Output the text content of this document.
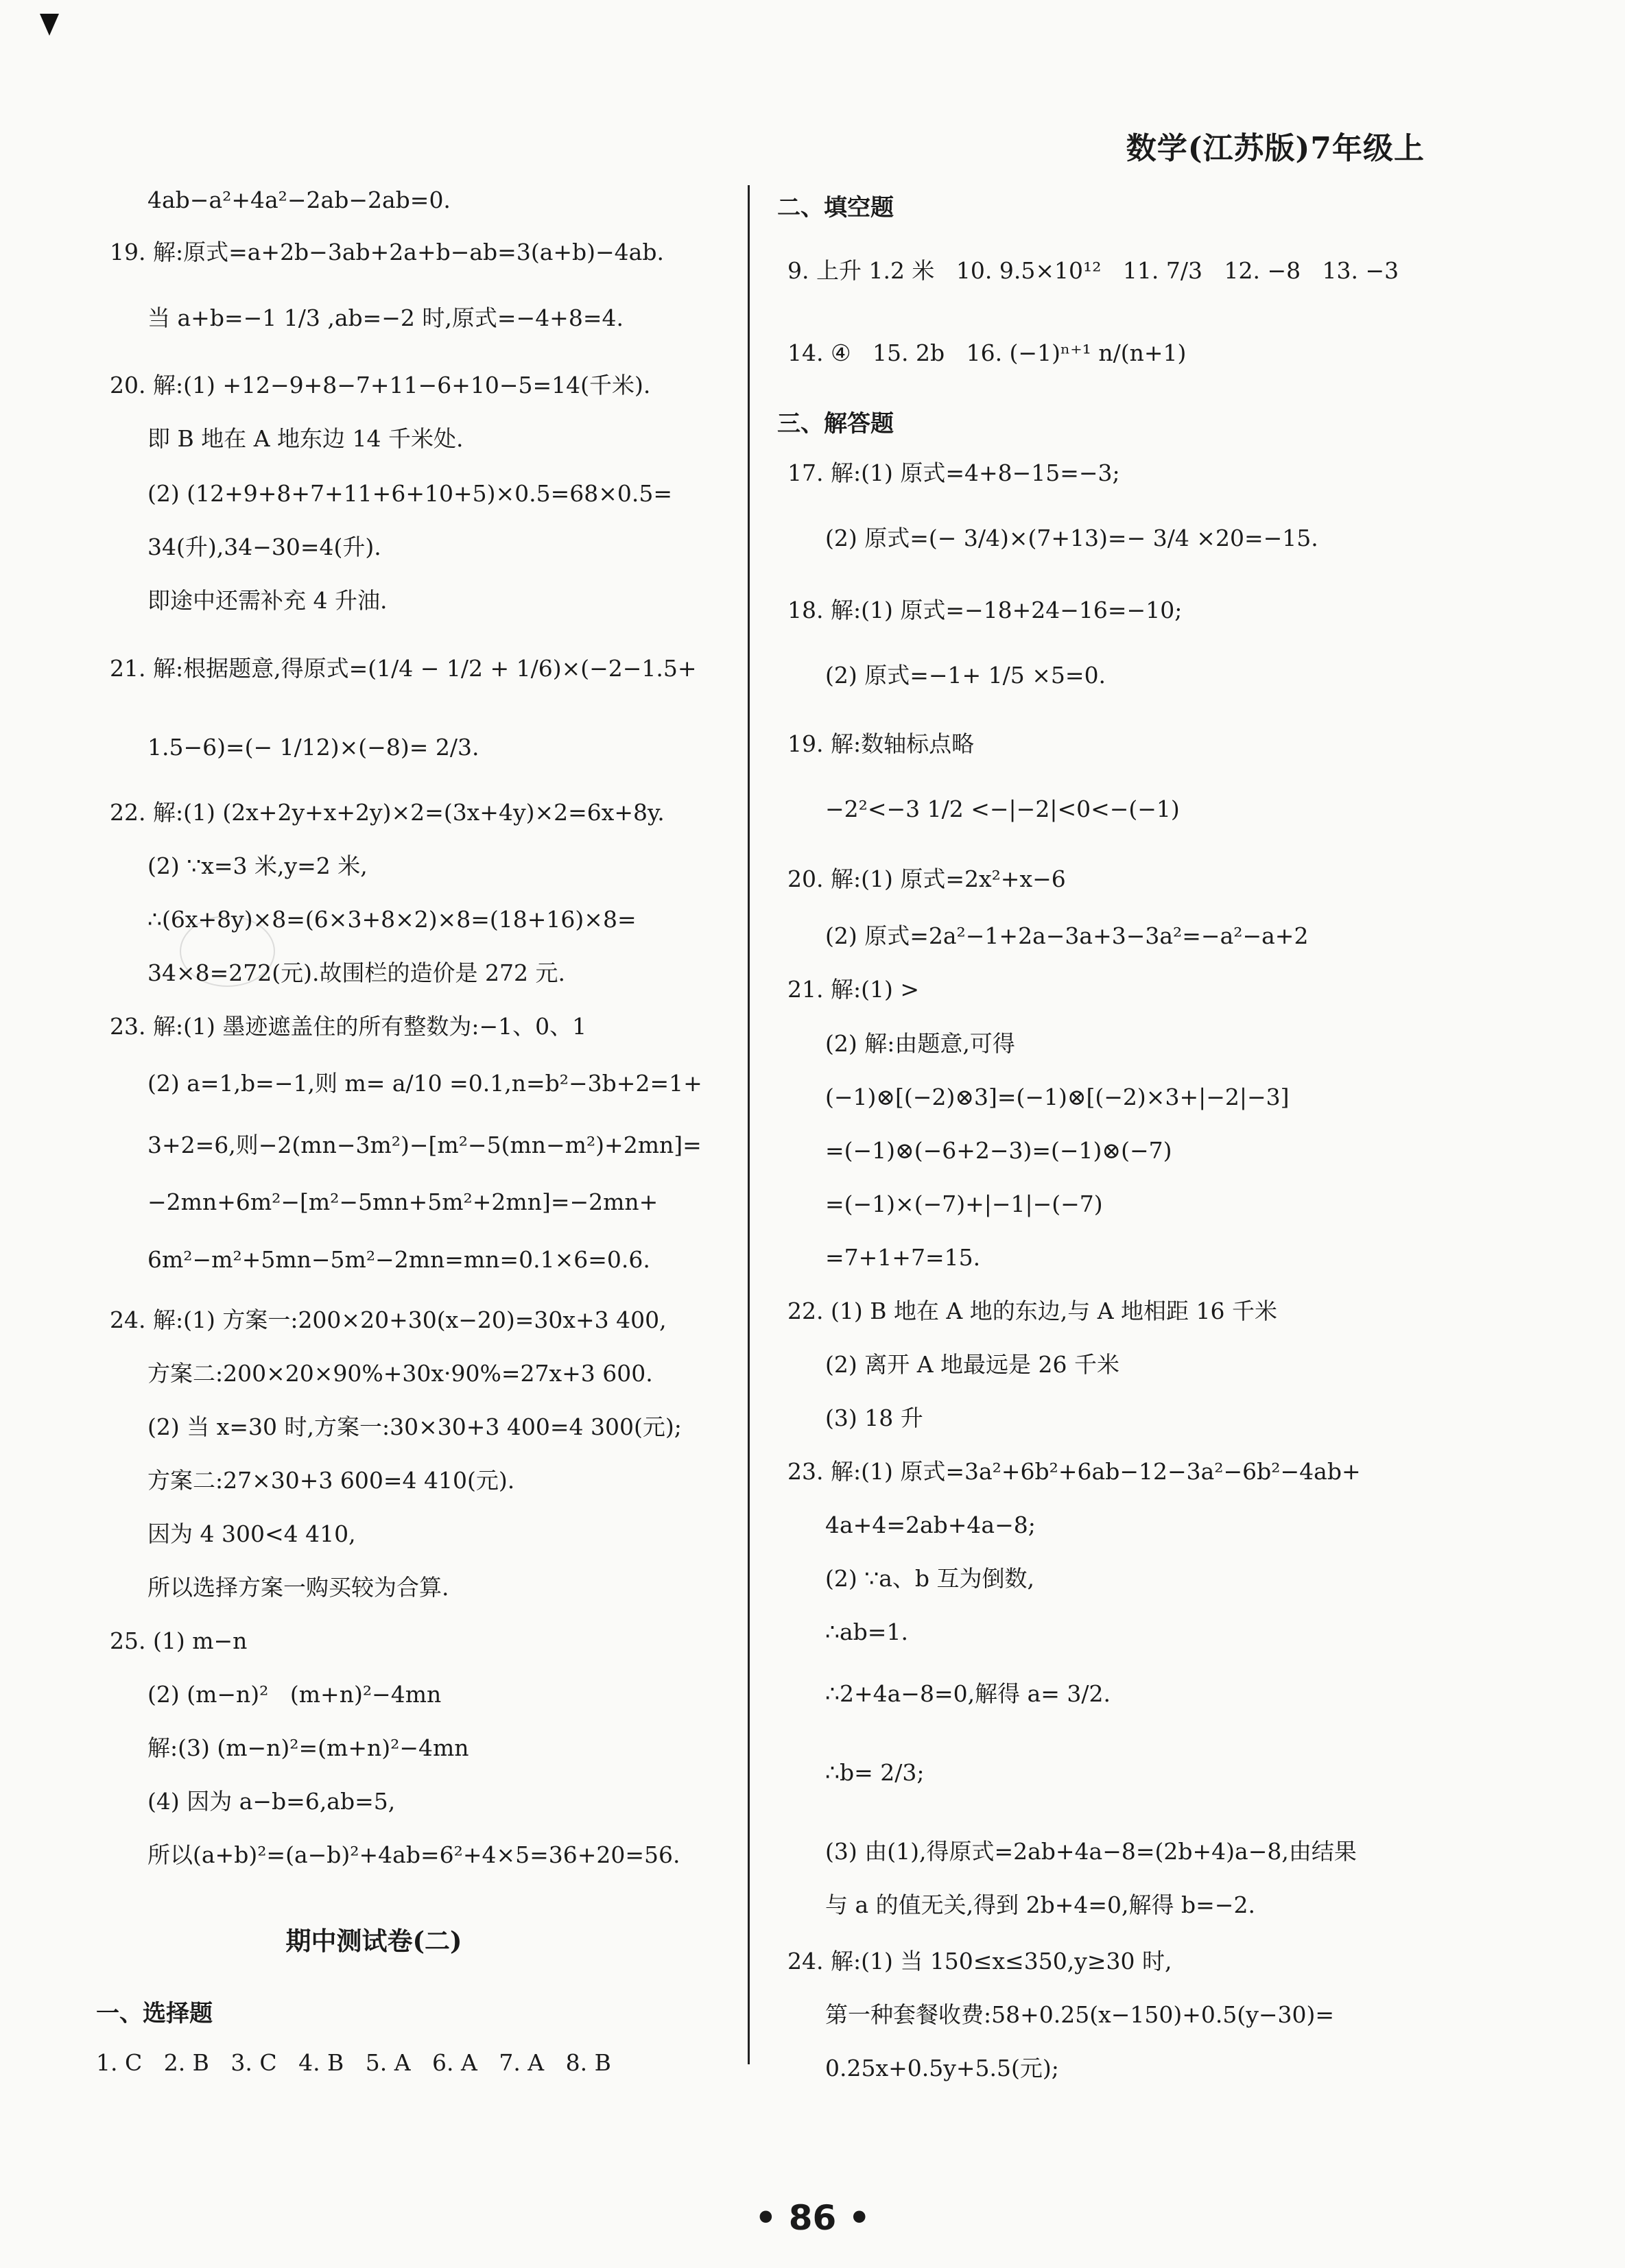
数学(江苏版)7年级上
4ab−a²+4a²−2ab−2ab=0.
19. 解:原式=a+2b−3ab+2a+b−ab=3(a+b)−4ab.
当 a+b=−1 1/3 ,ab=−2 时,原式=−4+8=4.
20. 解:(1) +12−9+8−7+11−6+10−5=14(千米).
即 B 地在 A 地东边 14 千米处.
(2) (12+9+8+7+11+6+10+5)×0.5=68×0.5=
34(升),34−30=4(升).
即途中还需补充 4 升油.
21. 解:根据题意,得原式=(1/4 − 1/2 + 1/6)×(−2−1.5+
1.5−6)=(− 1/12)×(−8)= 2/3.
22. 解:(1) (2x+2y+x+2y)×2=(3x+4y)×2=6x+8y.
(2) ∵x=3 米,y=2 米,
∴(6x+8y)×8=(6×3+8×2)×8=(18+16)×8=
34×8=272(元).故围栏的造价是 272 元.
23. 解:(1) 墨迹遮盖住的所有整数为:−1、0、1
(2) a=1,b=−1,则 m= a/10 =0.1,n=b²−3b+2=1+
3+2=6,则−2(mn−3m²)−[m²−5(mn−m²)+2mn]=
−2mn+6m²−[m²−5mn+5m²+2mn]=−2mn+
6m²−m²+5mn−5m²−2mn=mn=0.1×6=0.6.
24. 解:(1) 方案一:200×20+30(x−20)=30x+3 400,
方案二:200×20×90%+30x·90%=27x+3 600.
(2) 当 x=30 时,方案一:30×30+3 400=4 300(元);
方案二:27×30+3 600=4 410(元).
因为 4 300<4 410,
所以选择方案一购买较为合算.
25. (1) m−n
(2) (m−n)²   (m+n)²−4mn
解:(3) (m−n)²=(m+n)²−4mn
(4) 因为 a−b=6,ab=5,
所以(a+b)²=(a−b)²+4ab=6²+4×5=36+20=56.
期中测试卷(二)
一、选择题
1. C   2. B   3. C   4. B   5. A   6. A   7. A   8. B
二、填空题
9. 上升 1.2 米   10. 9.5×10¹²   11. 7/3   12. −8   13. −3
14. ④   15. 2b   16. (−1)ⁿ⁺¹ n/(n+1)
三、解答题
17. 解:(1) 原式=4+8−15=−3;
(2) 原式=(− 3/4)×(7+13)=− 3/4 ×20=−15.
18. 解:(1) 原式=−18+24−16=−10;
(2) 原式=−1+ 1/5 ×5=0.
19. 解:数轴标点略
−2²<−3 1/2 <−|−2|<0<−(−1)
20. 解:(1) 原式=2x²+x−6
(2) 原式=2a²−1+2a−3a+3−3a²=−a²−a+2
21. 解:(1) >
(2) 解:由题意,可得
(−1)⊗[(−2)⊗3]=(−1)⊗[(−2)×3+|−2|−3]
=(−1)⊗(−6+2−3)=(−1)⊗(−7)
=(−1)×(−7)+|−1|−(−7)
=7+1+7=15.
22. (1) B 地在 A 地的东边,与 A 地相距 16 千米
(2) 离开 A 地最远是 26 千米
(3) 18 升
23. 解:(1) 原式=3a²+6b²+6ab−12−3a²−6b²−4ab+
4a+4=2ab+4a−8;
(2) ∵a、b 互为倒数,
∴ab=1.
∴2+4a−8=0,解得 a= 3/2.
∴b= 2/3;
(3) 由(1),得原式=2ab+4a−8=(2b+4)a−8,由结果
与 a 的值无关,得到 2b+4=0,解得 b=−2.
24. 解:(1) 当 150≤x≤350,y≥30 时,
第一种套餐收费:58+0.25(x−150)+0.5(y−30)=
0.25x+0.5y+5.5(元);
• 86 •
